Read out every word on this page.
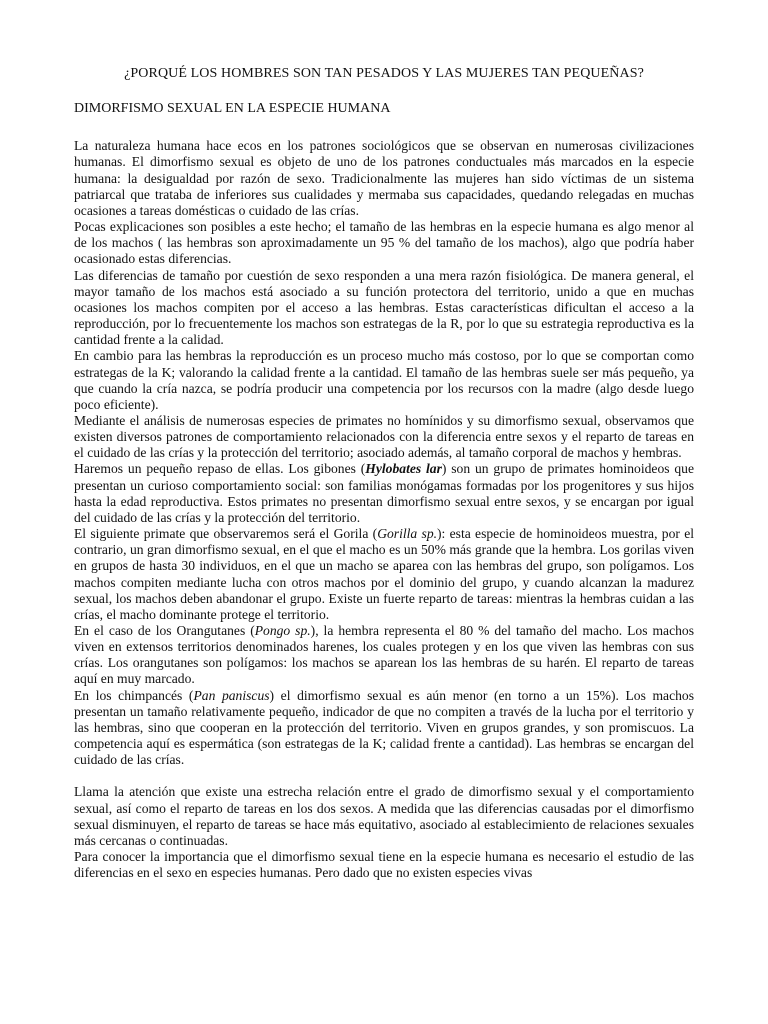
¿PORQUÉ LOS HOMBRES SON TAN PESADOS Y LAS MUJERES TAN PEQUEÑAS?
DIMORFISMO SEXUAL EN LA ESPECIE HUMANA

La naturaleza humana hace ecos en los patrones sociológicos que se observan en numerosas civilizaciones humanas. El dimorfismo sexual es objeto de uno de los patrones conductuales más marcados en la especie humana: la desigualdad por razón de sexo. Tradicionalmente las mujeres han sido víctimas de un sistema patriarcal que trataba de inferiores sus cualidades y mermaba sus capacidades, quedando relegadas en muchas ocasiones a tareas domésticas o cuidado de las crías.

Pocas explicaciones son posibles a este hecho; el tamaño de las hembras en la especie humana es algo menor al de los machos ( las hembras son aproximadamente un 95 % del tamaño de los machos), algo que podría haber ocasionado estas diferencias.

Las diferencias de tamaño por cuestión de sexo responden a una mera razón fisiológica. De manera general, el mayor tamaño de los machos está asociado a su función protectora del territorio, unido a que en muchas ocasiones los machos compiten por el acceso a las hembras. Estas características dificultan el acceso a la reproducción, por lo frecuentemente los machos son estrategas de la R, por lo que su estrategia reproductiva es la cantidad frente a la calidad.

En cambio para las hembras la reproducción es un proceso mucho más costoso, por lo que se comportan como estrategas de la K; valorando la calidad frente a la cantidad. El tamaño de las hembras suele ser más pequeño, ya que cuando la cría nazca, se podría producir una competencia por los recursos con la madre (algo desde luego poco eficiente).

Mediante el análisis de numerosas especies de primates no homínidos y su dimorfismo sexual, observamos que existen diversos patrones de comportamiento relacionados con la diferencia entre sexos y el reparto de tareas en el cuidado de las crías y la protección del territorio; asociado además, al tamaño corporal de machos y hembras.

Haremos un pequeño repaso de ellas. Los gibones (Hylobates lar) son un grupo de primates hominoideos que presentan un curioso comportamiento social: son familias monógamas formadas por los progenitores y sus hijos hasta la edad reproductiva. Estos primates no presentan dimorfismo sexual entre sexos, y se encargan por igual del cuidado de las crías y la protección del territorio.

El siguiente primate que observaremos será el Gorila (Gorilla sp.): esta especie de hominoideos muestra, por el contrario, un gran dimorfismo sexual, en el que el macho es un 50% más grande que la hembra. Los gorilas viven en grupos de hasta 30 individuos, en el que un macho se aparea con las hembras del grupo, son polígamos. Los machos compiten mediante lucha con otros machos por el dominio del grupo, y cuando alcanzan la madurez sexual, los machos deben abandonar el grupo. Existe un fuerte reparto de tareas: mientras la hembras cuidan a las crías, el macho dominante protege el territorio.

En el caso de los Orangutanes (Pongo sp.), la hembra representa el 80 % del tamaño del macho. Los machos viven en extensos territorios denominados harenes, los cuales protegen y en los que viven las hembras con sus crías. Los orangutanes son polígamos: los machos se aparean los las hembras de su harén. El reparto de tareas aquí en muy marcado.

En los chimpancés (Pan paniscus) el dimorfismo sexual es aún menor (en torno a un 15%). Los machos presentan un tamaño relativamente pequeño, indicador de que no compiten a través de la lucha por el territorio y las hembras, sino que cooperan en la protección del territorio. Viven en grupos grandes, y son promiscuos. La competencia aquí es espermática (son estrategas de la K; calidad frente a cantidad). Las hembras se encargan del cuidado de las crías.

Llama la atención que existe una estrecha relación entre el grado de dimorfismo sexual y el comportamiento sexual, así como el reparto de tareas en los dos sexos. A medida que las diferencias causadas por el dimorfismo sexual disminuyen, el reparto de tareas se hace más equitativo, asociado al establecimiento de relaciones sexuales más cercanas o continuadas.

Para conocer la importancia que el dimorfismo sexual tiene en la especie humana es necesario el estudio de las diferencias en el sexo en especies humanas. Pero dado que no existen especies vivas
